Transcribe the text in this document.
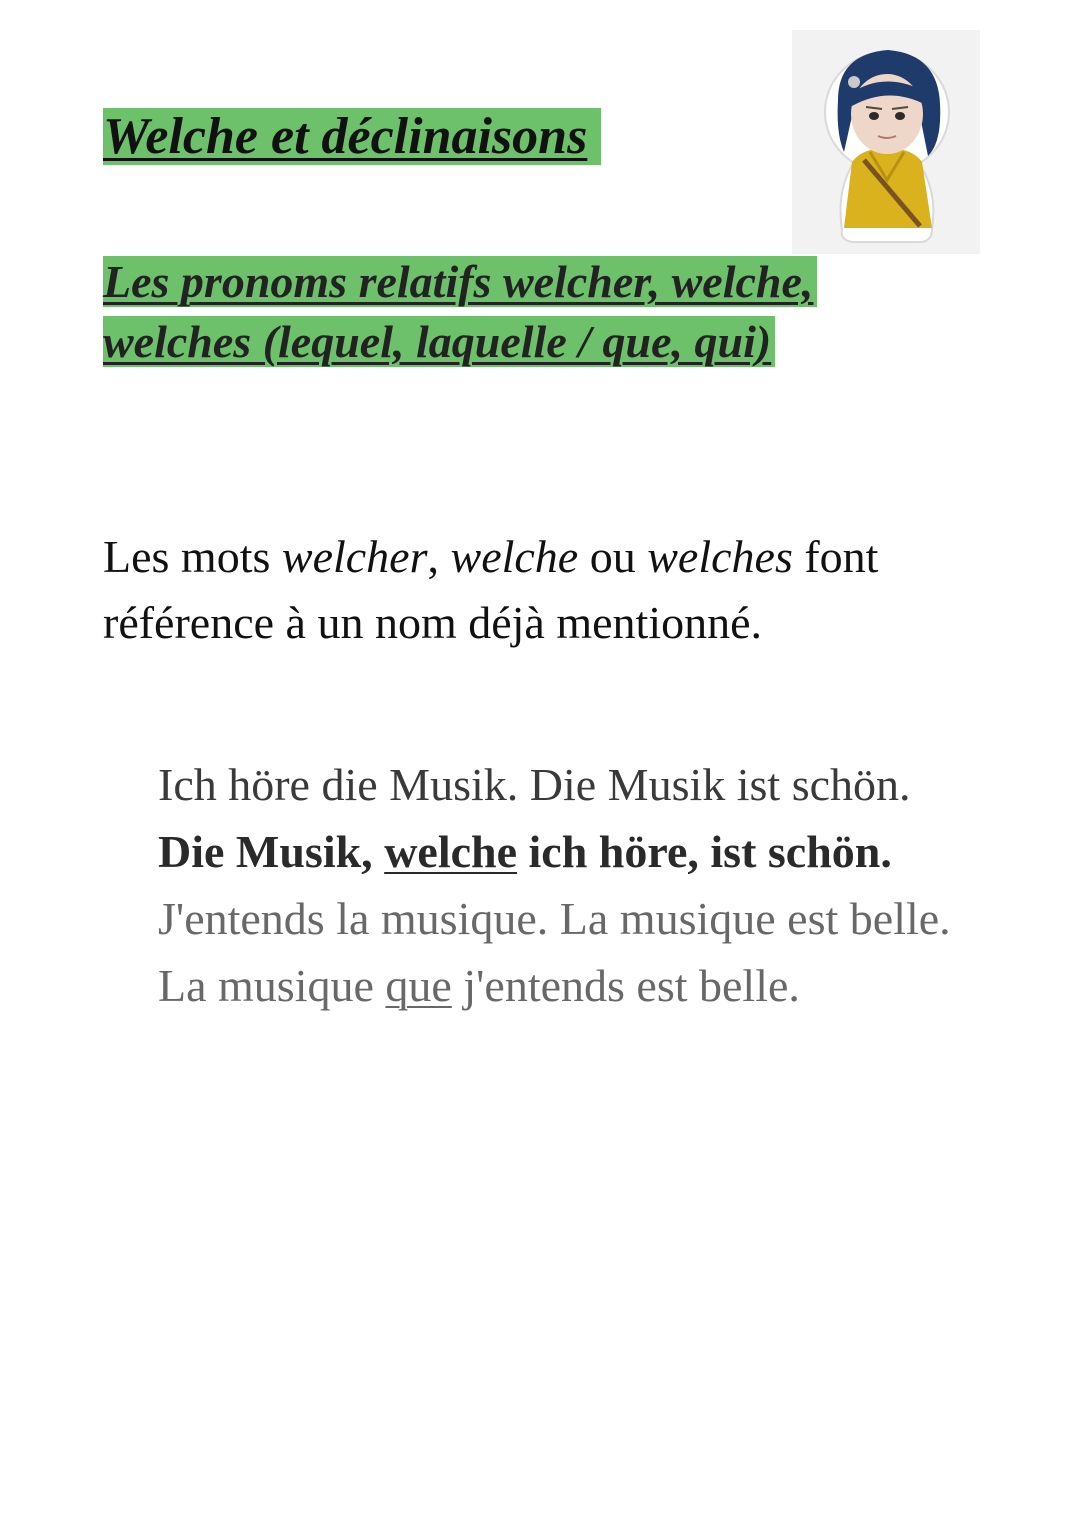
Welche et déclinaisons
Les pronoms relatifs welcher, welche, welches (lequel, laquelle / que, qui)

Les mots welcher, welche ou welches font référence à un nom déjà mentionné.

Ich höre die Musik. Die Musik ist schön. Die Musik, welche ich höre, ist schön.
J'entends la musique. La musique est belle. La musique que j'entends est belle.
